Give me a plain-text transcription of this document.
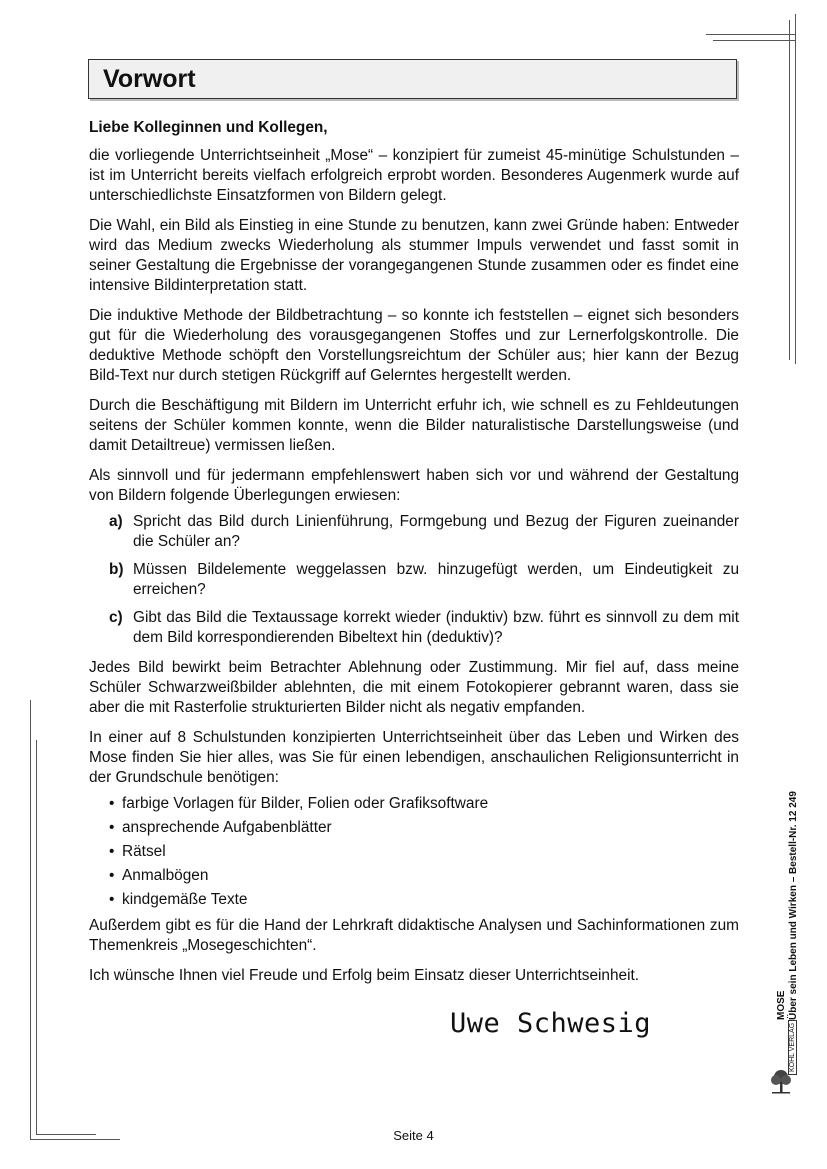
Vorwort

Liebe Kolleginnen und Kollegen,

die vorliegende Unterrichtseinheit „Mose“ – konzipiert für zumeist 45-minütige Schulstunden – ist im Unterricht bereits vielfach erfolgreich erprobt worden. Besonderes Augenmerk wurde auf unterschiedlichste Einsatzformen von Bildern gelegt.

Die Wahl, ein Bild als Einstieg in eine Stunde zu benutzen, kann zwei Gründe haben: Entweder wird das Medium zwecks Wiederholung als stummer Impuls verwendet und fasst somit in seiner Gestaltung die Ergebnisse der vorangegangenen Stunde zusammen oder es findet eine intensive Bildinterpretation statt.

Die induktive Methode der Bildbetrachtung – so konnte ich feststellen – eignet sich besonders gut für die Wiederholung des vorausgegangenen Stoffes und zur Lernerfolgskontrolle. Die deduktive Methode schöpft den Vorstellungsreichtum der Schüler aus; hier kann der Bezug Bild-Text nur durch stetigen Rückgriff auf Gelerntes hergestellt werden.

Durch die Beschäftigung mit Bildern im Unterricht erfuhr ich, wie schnell es zu Fehldeutungen seitens der Schüler kommen konnte, wenn die Bilder naturalistische Darstellungsweise (und damit Detailtreue) vermissen ließen.

Als sinnvoll und für jedermann empfehlenswert haben sich vor und während der Gestaltung von Bildern folgende Überlegungen erwiesen:

a) Spricht das Bild durch Linienführung, Formgebung und Bezug der Figuren zueinander die Schüler an?
b) Müssen Bildelemente weggelassen bzw. hinzugefügt werden, um Eindeutigkeit zu erreichen?
c) Gibt das Bild die Textaussage korrekt wieder (induktiv) bzw. führt es sinnvoll zu dem mit dem Bild korrespondierenden Bibeltext hin (deduktiv)?

Jedes Bild bewirkt beim Betrachter Ablehnung oder Zustimmung. Mir fiel auf, dass meine Schüler Schwarzweißbilder ablehnten, die mit einem Fotokopierer gebrannt waren, dass sie aber die mit Rasterfolie strukturierten Bilder nicht als negativ empfanden.

In einer auf 8 Schulstunden konzipierten Unterrichtseinheit über das Leben und Wirken des Mose finden Sie hier alles, was Sie für einen lebendigen, anschaulichen Religionsunterricht in der Grundschule benötigen:

• farbige Vorlagen für Bilder, Folien oder Grafiksoftware
• ansprechende Aufgabenblätter
• Rätsel
• Anmalbögen
• kindgemäße Texte

Außerdem gibt es für die Hand der Lehrkraft didaktische Analysen und Sachinformationen zum Themenkreis „Mosegeschichten“.

Ich wünsche Ihnen viel Freude und Erfolg beim Einsatz dieser Unterrichtseinheit.

Uwe Schwesig
MOSE Über sein Leben und Wirken – Bestell-Nr. 12 249
KOHL VERLAG
Seite 4
